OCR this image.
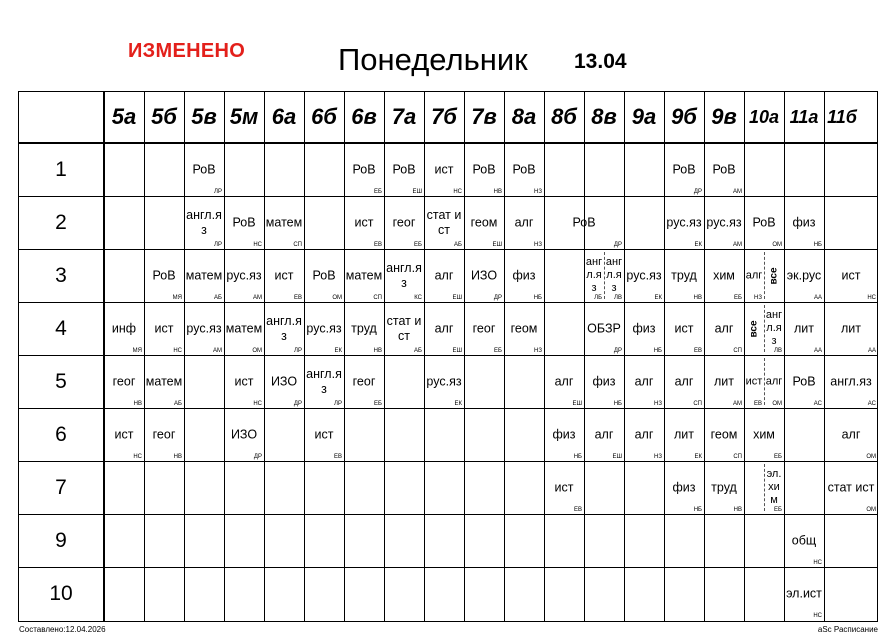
ИЗМЕНЕНО	Понедельник 13.04
5а 5б 5в 5м 6а 6б 6в 7а 7б 7в 8а 8б 8в 9а 9б 9в 10а 11а 11б
1
2
3
4
5
6
7
9
10
РоВ
ЛР
РоВ
ЕБ
РоВ
ЕШ
ист
НС
РоВ
НВ
РоВ
НЗ
РоВ
ДР
РоВ
АМ
англ.яз
ЛР
РоВ
НС
матем
СП
ист
ЕВ
геог
ЕБ
стат ист
АБ
геом
ЕШ
алг
НЗ
РоВ
ДР
рус.яз
ЕК
рус.яз
АМ
РоВ
ОМ
физ
НБ
РоВ
МЯ
матем
АБ
рус.яз
АМ
ист
ЕВ
РоВ
ОМ
матем
СП
англ.яз
КС
алг
ЕШ
ИЗО
ДР
физ
НБ
англ.яз
ЛБ
англ.яз
ЛВ
рус.яз
ЕК
труд
НВ
хим
ЕБ
алг
НЗ
все эк.рус
АА
ист
НС
инф
МЯ
ист
НС
рус.яз
АМ
матем
ОМ
англ.яз
ЛР
рус.яз
ЕК
труд
НВ
стат ист
АБ
алг
ЕШ
геог
ЕБ
геом
НЗ
ОБЗР
ДР
физ
НБ
ист
ЕВ
алг
СП
все
англ.яз
ЛВ
лит
АА
лит
АА
геог
НВ
матем
АБ
ист
НС
ИЗО
ДР
англ.яз
ЛР
геог
ЕБ
рус.яз
ЕК
алг
ЕШ
физ
НБ
алг
НЗ
алг
СП
лит
АМ
ист
ЕВ
алг
ОМ
РоВ
АС
англ.яз
АС
ист
НС
геог
НВ
ИЗО
ДР
ист
ЕВ
физ
НБ
алг
ЕШ
алг
НЗ
лит
ЕК
геом
СП
хим
ЕБ
алг
ОМ
ист
ЕВ
физ
НБ
труд
НВ
эл.хим
ЕБ
стат ист
ОМ
общ
НС
эл.ист
НС
Составлено:12.04.2026	aSc Расписание
